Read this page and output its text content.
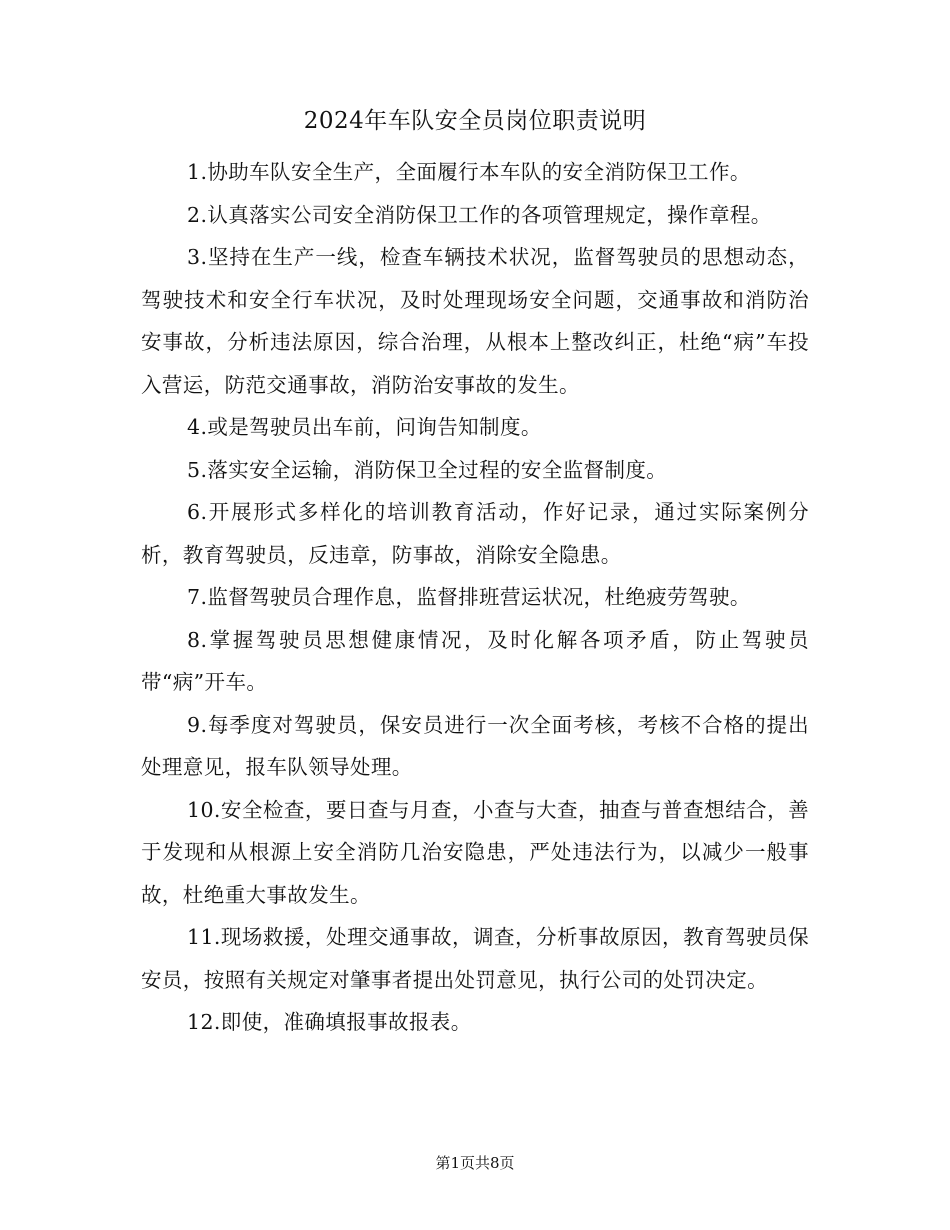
2024年车队安全员岗位职责说明

1.协助车队安全生产，全面履行本车队的安全消防保卫工作。

2.认真落实公司安全消防保卫工作的各项管理规定，操作章程。

3.坚持在生产一线，检查车辆技术状况，监督驾驶员的思想动态，驾驶技术和安全行车状况，及时处理现场安全问题，交通事故和消防治安事故，分析违法原因，综合治理，从根本上整改纠正，杜绝“病”车投入营运，防范交通事故，消防治安事故的发生。

4.或是驾驶员出车前，问询告知制度。

5.落实安全运输，消防保卫全过程的安全监督制度。

6.开展形式多样化的培训教育活动，作好记录，通过实际案例分析，教育驾驶员，反违章，防事故，消除安全隐患。

7.监督驾驶员合理作息，监督排班营运状况，杜绝疲劳驾驶。

8.掌握驾驶员思想健康情况，及时化解各项矛盾，防止驾驶员带“病”开车。

9.每季度对驾驶员，保安员进行一次全面考核，考核不合格的提出处理意见，报车队领导处理。

10.安全检查，要日查与月查，小查与大查，抽查与普查想结合，善于发现和从根源上安全消防几治安隐患，严处违法行为，以减少一般事故，杜绝重大事故发生。

11.现场救援，处理交通事故，调查，分析事故原因，教育驾驶员保安员，按照有关规定对肇事者提出处罚意见，执行公司的处罚决定。

12.即使，准确填报事故报表。

第1页共8页
